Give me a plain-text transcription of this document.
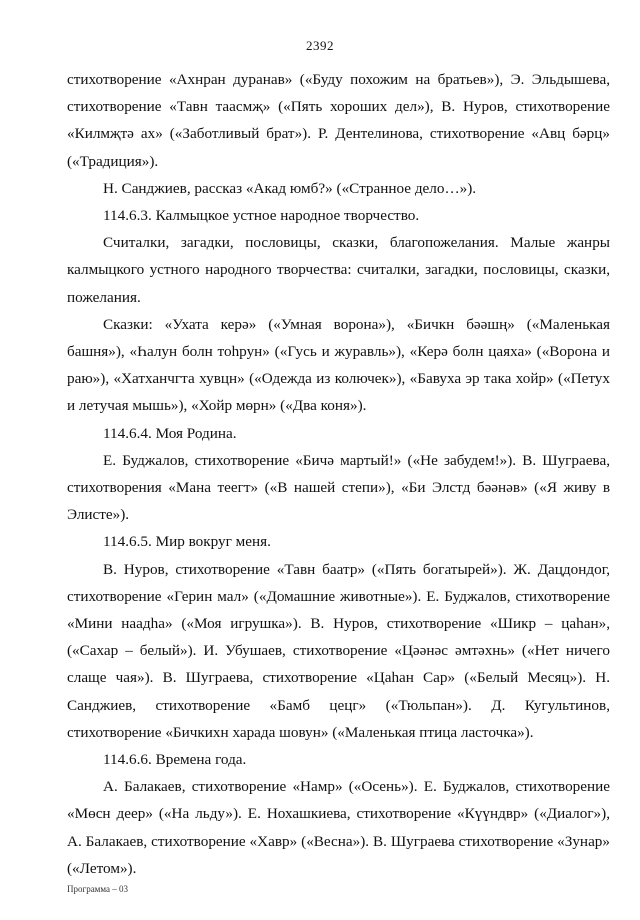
2392

стихотворение «Ахнран дуранав» («Буду похожим на братьев»), Э. Эльдышева, стихотворение «Тавн таасмҗ» («Пять хороших дел»), В. Нуров, стихотворение «Килмҗтә ах» («Заботливый брат»). Р. Дентелинова, стихотворение «Авц бәрц» («Традиция»).

Н. Санджиев, рассказ «Акад юмб?» («Странное дело…»).

114.6.3. Калмыцкое устное народное творчество.

Считалки, загадки, пословицы, сказки, благопожелания. Малые жанры калмыцкого устного народного творчества: считалки, загадки, пословицы, сказки, пожелания.

Сказки: «Ухата керә» («Умная ворона»), «Бичкн бәәшң» («Маленькая башня»), «Һалун болн тоһрун» («Гусь и журавль»), «Керә болн цаяха» («Ворона и раю»), «Хатханчгта хувцн» («Одежда из колючек»), «Бавуха эр така хойр» («Петух и летучая мышь»), «Хойр мөрн» («Два коня»).

114.6.4. Моя Родина.

Е. Буджалов, стихотворение «Бичә мартый!» («Не забудем!»). В. Шуграева, стихотворения «Мана теегт» («В нашей степи»), «Би Элстд бәәнәв» («Я живу в Элисте»).

114.6.5. Мир вокруг меня.

В. Нуров, стихотворение «Тавн баатр» («Пять богатырей»). Ж. Дацдондог, стихотворение «Герин мал» («Домашние животные»). Е. Буджалов, стихотворение «Мини наадһа» («Моя игрушка»). В. Нуров, стихотворение «Шикр – цаһан», («Сахар – белый»). И. Убушаев, стихотворение «Цәәнәс әмтәхнь» («Нет ничего слаще чая»). В. Шуграева, стихотворение «Цаһан Сар» («Белый Месяц»). Н. Санджиев, стихотворение «Бамб цецг» («Тюльпан»). Д. Кугультинов, стихотворение «Бичкихн харада шовун» («Маленькая птица ласточка»).

114.6.6. Времена года.

А. Балакаев, стихотворение «Намр» («Осень»). Е. Буджалов, стихотворение «Мөсн деер» («На льду»). Е. Нохашкиева, стихотворение «Күүндвр» («Диалог»), А. Балакаев, стихотворение «Хавр» («Весна»). В. Шуграева стихотворение «Зунар» («Летом»).

Программа – 03
